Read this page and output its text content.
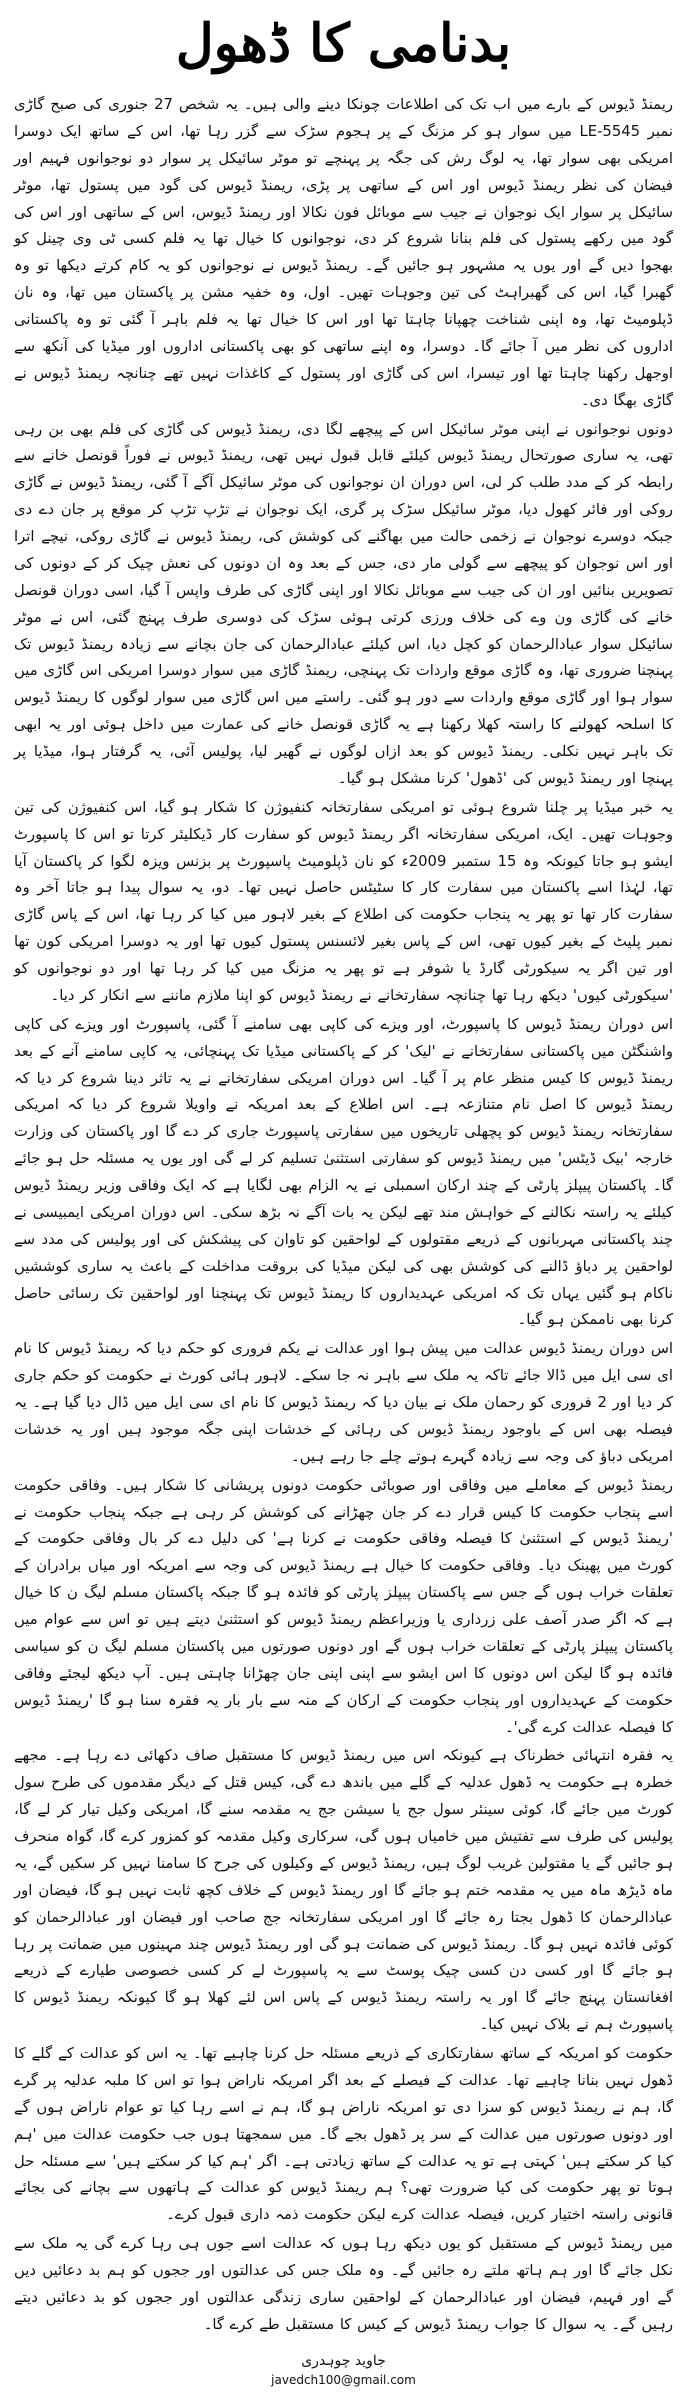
بدنامی کا ڈھول

ریمنڈ ڈیوس کے بارے میں اب تک کی اطلاعات چونکا دینے والی ہیں۔ یہ شخص 27 جنوری کی صبح گاڑی نمبر LE-5545 میں سوار ہو کر مزنگ کے پر ہجوم سڑک سے گزر رہا تھا، اس کے ساتھ ایک دوسرا امریکی بھی سوار تھا، یہ لوگ رش کی جگہ پر پہنچے تو موٹر سائیکل پر سوار دو نوجوانوں فہیم اور فیضان کی نظر ریمنڈ ڈیوس اور اس کے ساتھی پر پڑی، ریمنڈ ڈیوس کی گود میں پستول تھا، موٹر سائیکل پر سوار ایک نوجوان نے جیب سے موبائل فون نکالا اور ریمنڈ ڈیوس، اس کے ساتھی اور اس کی گود میں رکھے پستول کی فلم بنانا شروع کر دی، نوجوانوں کا خیال تھا یہ فلم کسی ٹی وی چینل کو بھجوا دیں گے اور یوں یہ مشہور ہو جائیں گے۔ ریمنڈ ڈیوس نے نوجوانوں کو یہ کام کرتے دیکھا تو وہ گھبرا گیا، اس کی گھبراہٹ کی تین وجوہات تھیں۔ اول، وہ خفیہ مشن پر پاکستان میں تھا، وہ نان ڈپلومیٹ تھا، وہ اپنی شناخت چھپانا چاہتا تھا اور اس کا خیال تھا یہ فلم باہر آ گئی تو وہ پاکستانی اداروں کی نظر میں آ جائے گا۔ دوسرا، وہ اپنے ساتھی کو بھی پاکستانی اداروں اور میڈیا کی آنکھ سے اوجھل رکھنا چاہتا تھا اور تیسرا، اس کی گاڑی اور پستول کے کاغذات نہیں تھے چنانچہ ریمنڈ ڈیوس نے گاڑی بھگا دی۔

دونوں نوجوانوں نے اپنی موٹر سائیکل اس کے پیچھے لگا دی، ریمنڈ ڈیوس کی گاڑی کی فلم بھی بن رہی تھی، یہ ساری صورتحال ریمنڈ ڈیوس کیلئے قابل قبول نہیں تھی، ریمنڈ ڈیوس نے فوراً قونصل خانے سے رابطہ کر کے مدد طلب کر لی، اس دوران ان نوجوانوں کی موٹر سائیکل آگے آ گئی، ریمنڈ ڈیوس نے گاڑی روکی اور فائر کھول دیا، موٹر سائیکل سڑک پر گری، ایک نوجوان نے تڑپ تڑپ کر موقع پر جان دے دی جبکہ دوسرے نوجوان نے زخمی حالت میں بھاگنے کی کوشش کی، ریمنڈ ڈیوس نے گاڑی روکی، نیچے اترا اور اس نوجوان کو پیچھے سے گولی مار دی، جس کے بعد وہ ان دونوں کی نعش چیک کر کے دونوں کی تصویریں بنائیں اور ان کی جیب سے موبائل نکالا اور اپنی گاڑی کی طرف واپس آ گیا، اسی دوران قونصل خانے کی گاڑی ون وے کی خلاف ورزی کرتی ہوئی سڑک کی دوسری طرف پہنچ گئی، اس نے موٹر سائیکل سوار عبادالرحمان کو کچل دیا، اس کیلئے عبادالرحمان کی جان بچانے سے زیادہ ریمنڈ ڈیوس تک پہنچنا ضروری تھا، وہ گاڑی موقع واردات تک پہنچی، ریمنڈ گاڑی میں سوار دوسرا امریکی اس گاڑی میں سوار ہوا اور گاڑی موقع واردات سے دور ہو گئی۔ راستے میں اس گاڑی میں سوار لوگوں کا ریمنڈ ڈیوس کا اسلحہ کھولنے کا راستہ کھلا رکھنا ہے یہ گاڑی قونصل خانے کی عمارت میں داخل ہوئی اور یہ ابھی تک باہر نہیں نکلی۔ ریمنڈ ڈیوس کو بعد ازاں لوگوں نے گھیر لیا، پولیس آئی، یہ گرفتار ہوا، میڈیا پر پہنچا اور ریمنڈ ڈیوس کی 'ڈھول' کرنا مشکل ہو گیا۔

یہ خبر میڈیا پر چلنا شروع ہوئی تو امریکی سفارتخانہ کنفیوژن کا شکار ہو گیا، اس کنفیوژن کی تین وجوہات تھیں۔ ایک، امریکی سفارتخانہ اگر ریمنڈ ڈیوس کو سفارت کار ڈیکلیئر کرتا تو اس کا پاسپورٹ ایشو ہو جاتا کیونکہ وہ 15 ستمبر 2009ء کو نان ڈپلومیٹ پاسپورٹ پر بزنس ویزہ لگوا کر پاکستان آیا تھا، لہٰذا اسے پاکستان میں سفارت کار کا سٹیٹس حاصل نہیں تھا۔ دو، یہ سوال پیدا ہو جاتا آخر وہ سفارت کار تھا تو پھر یہ پنجاب حکومت کی اطلاع کے بغیر لاہور میں کیا کر رہا تھا، اس کے پاس گاڑی نمبر پلیٹ کے بغیر کیوں تھی، اس کے پاس بغیر لائسنس پستول کیوں تھا اور یہ دوسرا امریکی کون تھا اور تین اگر یہ سیکورٹی گارڈ یا شوفر ہے تو پھر یہ مزنگ میں کیا کر رہا تھا اور دو نوجوانوں کو 'سیکورٹی کیوں' دیکھ رہا تھا چنانچہ سفارتخانے نے ریمنڈ ڈیوس کو اپنا ملازم ماننے سے انکار کر دیا۔

اس دوران ریمنڈ ڈیوس کا پاسپورٹ، اور ویزے کی کاپی بھی سامنے آ گئی، پاسپورٹ اور ویزے کی کاپی واشنگٹن میں پاکستانی سفارتخانے نے 'لیک' کر کے پاکستانی میڈیا تک پہنچائی، یہ کاپی سامنے آنے کے بعد ریمنڈ ڈیوس کا کیس منظر عام پر آ گیا۔ اس دوران امریکی سفارتخانے نے یہ تاثر دینا شروع کر دیا کہ ریمنڈ ڈیوس کا اصل نام متنازعہ ہے۔ اس اطلاع کے بعد امریکہ نے واویلا شروع کر دیا کہ امریکی سفارتخانہ ریمنڈ ڈیوس کو پچھلی تاریخوں میں سفارتی پاسپورٹ جاری کر دے گا اور پاکستان کی وزارت خارجہ 'بیک ڈیٹس' میں ریمنڈ ڈیوس کو سفارتی استثنیٰ تسلیم کر لے گی اور یوں یہ مسئلہ حل ہو جائے گا۔ پاکستان پیپلز پارٹی کے چند ارکان اسمبلی نے یہ الزام بھی لگایا ہے کہ ایک وفاقی وزیر ریمنڈ ڈیوس کیلئے یہ راستہ نکالنے کے خواہش مند تھے لیکن یہ بات آگے نہ بڑھ سکی۔ اس دوران امریکی ایمبیسی نے چند پاکستانی مہربانوں کے ذریعے مقتولوں کے لواحقین کو تاوان کی پیشکش کی اور پولیس کی مدد سے لواحقین پر دباؤ ڈالنے کی کوشش بھی کی لیکن میڈیا کی بروقت مداخلت کے باعث یہ ساری کوششیں ناکام ہو گئیں یہاں تک کہ امریکی عہدیداروں کا ریمنڈ ڈیوس تک پہنچنا اور لواحقین تک رسائی حاصل کرنا بھی ناممکن ہو گیا۔

اس دوران ریمنڈ ڈیوس عدالت میں پیش ہوا اور عدالت نے یکم فروری کو حکم دیا کہ ریمنڈ ڈیوس کا نام ای سی ایل میں ڈالا جائے تاکہ یہ ملک سے باہر نہ جا سکے۔ لاہور ہائی کورٹ نے حکومت کو حکم جاری کر دیا اور 2 فروری کو رحمان ملک نے بیان دیا کہ ریمنڈ ڈیوس کا نام ای سی ایل میں ڈال دیا گیا ہے۔ یہ فیصلہ بھی اس کے باوجود ریمنڈ ڈیوس کی رہائی کے خدشات اپنی جگہ موجود ہیں اور یہ خدشات امریکی دباؤ کی وجہ سے زیادہ گہرے ہوتے چلے جا رہے ہیں۔

ریمنڈ ڈیوس کے معاملے میں وفاقی اور صوبائی حکومت دونوں پریشانی کا شکار ہیں۔ وفاقی حکومت اسے پنجاب حکومت کا کیس قرار دے کر جان چھڑانے کی کوشش کر رہی ہے جبکہ پنجاب حکومت نے 'ریمنڈ ڈیوس کے استثنیٰ کا فیصلہ وفاقی حکومت نے کرنا ہے' کی دلیل دے کر بال وفاقی حکومت کے کورٹ میں پھینک دیا۔ وفاقی حکومت کا خیال ہے ریمنڈ ڈیوس کی وجہ سے امریکہ اور میاں برادران کے تعلقات خراب ہوں گے جس سے پاکستان پیپلز پارٹی کو فائدہ ہو گا جبکہ پاکستان مسلم لیگ ن کا خیال ہے کہ اگر صدر آصف علی زرداری یا وزیراعظم ریمنڈ ڈیوس کو استثنیٰ دیتے ہیں تو اس سے عوام میں پاکستان پیپلز پارٹی کے تعلقات خراب ہوں گے اور دونوں صورتوں میں پاکستان مسلم لیگ ن کو سیاسی فائدہ ہو گا لیکن اس دونوں کا اس ایشو سے اپنی اپنی جان چھڑانا چاہتی ہیں۔ آپ دیکھ لیجئے وفاقی حکومت کے عہدیداروں اور پنجاب حکومت کے ارکان کے منہ سے بار بار یہ فقرہ سنا ہو گا 'ریمنڈ ڈیوس کا فیصلہ عدالت کرے گی'۔

یہ فقرہ انتہائی خطرناک ہے کیونکہ اس میں ریمنڈ ڈیوس کا مستقبل صاف دکھائی دے رہا ہے۔ مجھے خطرہ ہے حکومت یہ ڈھول عدلیہ کے گلے میں باندھ دے گی، کیس قتل کے دیگر مقدموں کی طرح سول کورٹ میں جائے گا، کوئی سینئر سول جج یا سیشن جج یہ مقدمہ سنے گا، امریکی وکیل تیار کر لے گا، پولیس کی طرف سے تفتیش میں خامیاں ہوں گی، سرکاری وکیل مقدمہ کو کمزور کرے گا، گواہ منحرف ہو جائیں گے یا مقتولین غریب لوگ ہیں، ریمنڈ ڈیوس کے وکیلوں کی جرح کا سامنا نہیں کر سکیں گے، یہ ماہ ڈیڑھ ماہ میں یہ مقدمہ ختم ہو جائے گا اور ریمنڈ ڈیوس کے خلاف کچھ ثابت نہیں ہو گا، فیضان اور عبادالرحمان کا ڈھول بجتا رہ جائے گا اور امریکی سفارتخانہ جج صاحب اور فیضان اور عبادالرحمان کو کوئی فائدہ نہیں ہو گا۔ ریمنڈ ڈیوس کی ضمانت ہو گی اور ریمنڈ ڈیوس چند مہینوں میں ضمانت پر رہا ہو جائے گا اور کسی دن کسی چیک پوسٹ سے یہ پاسپورٹ لے کر کسی خصوصی طیارے کے ذریعے افغانستان پہنچ جائے گا اور یہ راستہ ریمنڈ ڈیوس کے پاس اس لئے کھلا ہو گا کیونکہ ریمنڈ ڈیوس کا پاسپورٹ ہم نے بلاک نہیں کیا۔

حکومت کو امریکہ کے ساتھ سفارتکاری کے ذریعے مسئلہ حل کرنا چاہیے تھا۔ یہ اس کو عدالت کے گلے کا ڈھول نہیں بنانا چاہیے تھا۔ عدالت کے فیصلے کے بعد اگر امریکہ ناراض ہوا تو اس کا ملبہ عدلیہ پر گرے گا، ہم نے ریمنڈ ڈیوس کو سزا دی تو امریکہ ناراض ہو گا، ہم نے اسے رہا کیا تو عوام ناراض ہوں گے اور دونوں صورتوں میں عدالت کے سر پر ڈھول بجے گا۔ میں سمجھتا ہوں جب حکومت عدالت میں 'ہم کیا کر سکتے ہیں' کہتی ہے تو یہ عدالت کے ساتھ زیادتی ہے۔ اگر 'ہم کیا کر سکتے ہیں' سے مسئلہ حل ہوتا تو پھر حکومت کی کیا ضرورت تھی؟ ہم ریمنڈ ڈیوس کو عدالت کے ہاتھوں سے بچانے کی بجائے قانونی راستہ اختیار کریں، فیصلہ عدالت کرے لیکن حکومت ذمہ داری قبول کرے۔

میں ریمنڈ ڈیوس کے مستقبل کو یوں دیکھ رہا ہوں کہ عدالت اسے جوں ہی رہا کرے گی یہ ملک سے نکل جائے گا اور ہم ہاتھ ملتے رہ جائیں گے۔ وہ ملک جس کی عدالتوں اور ججوں کو ہم بد دعائیں دیں گے اور فہیم، فیضان اور عبادالرحمان کے لواحقین ساری زندگی عدالتوں اور ججوں کو بد دعائیں دیتے رہیں گے۔ یہ سوال کا جواب ریمنڈ ڈیوس کے کیس کا مستقبل طے کرے گا۔

جاوید چوہدری
javedch100@gmail.com
